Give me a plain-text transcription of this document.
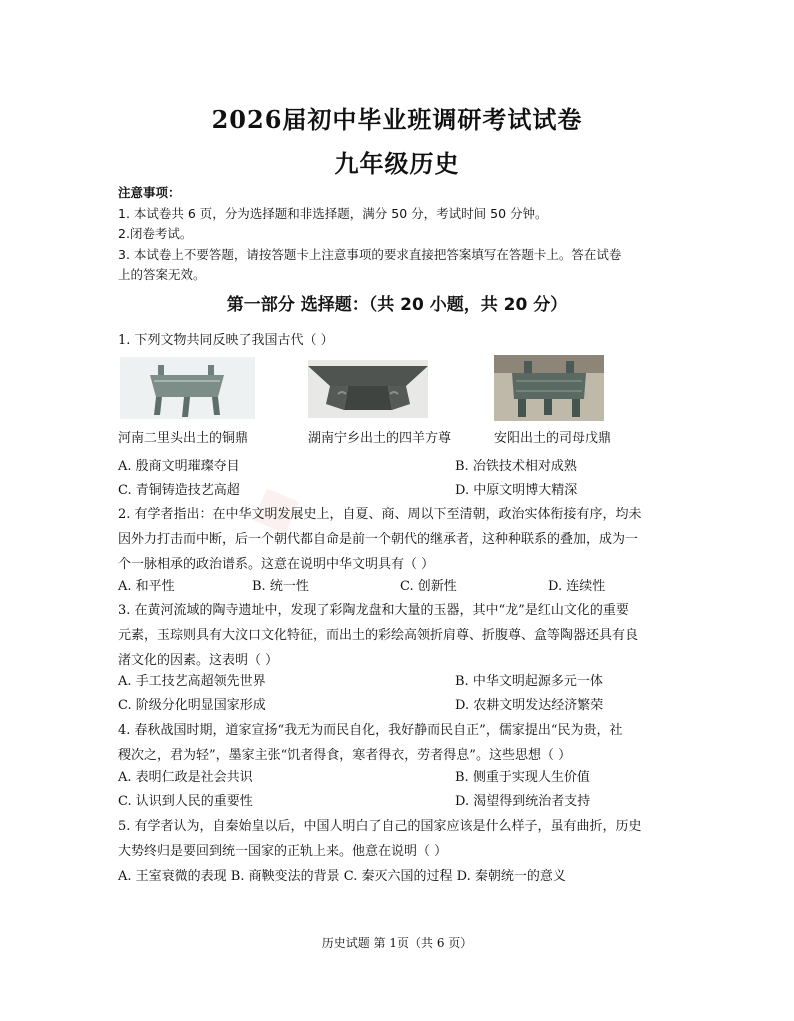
◆
2026届初中毕业班调研考试试卷
九年级历史
注意事项：
1. 本试卷共 6 页，分为选择题和非选择题，满分 50 分，考试时间 50 分钟。
2.闭卷考试。
3. 本试卷上不要答题，请按答题卡上注意事项的要求直接把答案填写在答题卡上。答在试卷
上的答案无效。
第一部分 选择题：（共 20 小题，共 20 分）
1. 下列文物共同反映了我国古代（ ）
河南二里头出土的铜鼎	湖南宁乡出土的四羊方尊	安阳出土的司母戊鼎
A. 殷商文明璀璨夺目	B. 冶铁技术相对成熟
C. 青铜铸造技艺高超	D. 中原文明博大精深
2. 有学者指出：在中华文明发展史上，自夏、商、周以下至清朝，政治实体衔接有序，均未
因外力打击而中断，后一个朝代都自命是前一个朝代的继承者，这种种联系的叠加，成为一
个一脉相承的政治谱系。这意在说明中华文明具有（ ）
A. 和平性	B. 统一性	C. 创新性	D. 连续性
3. 在黄河流域的陶寺遗址中，发现了彩陶龙盘和大量的玉器，其中“龙”是红山文化的重要
元素，玉琮则具有大汶口文化特征，而出土的彩绘高领折肩尊、折腹尊、盒等陶器还具有良
渚文化的因素。这表明（ ）
A. 手工技艺高超领先世界	B. 中华文明起源多元一体
C. 阶级分化明显国家形成	D. 农耕文明发达经济繁荣
4. 春秋战国时期，道家宣扬“我无为而民自化，我好静而民自正”，儒家提出“民为贵，社
稷次之，君为轻”，墨家主张“饥者得食，寒者得衣，劳者得息”。这些思想（ ）
A. 表明仁政是社会共识	B. 侧重于实现人生价值
C. 认识到人民的重要性	D. 渴望得到统治者支持
5. 有学者认为，自秦始皇以后，中国人明白了自己的国家应该是什么样子，虽有曲折，历史
大势终归是要回到统一国家的正轨上来。他意在说明（ ）
A. 王室衰微的表现 B. 商鞅变法的背景 C. 秦灭六国的过程 D. 秦朝统一的意义
历史试题 第 1页（共 6 页）
